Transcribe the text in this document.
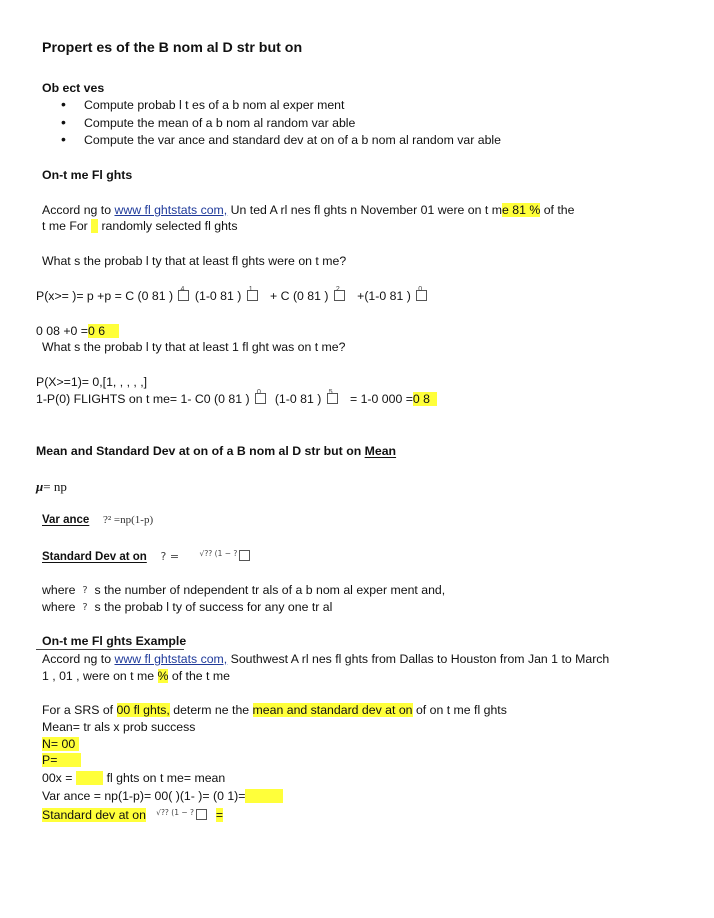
Propert es of the B nom al D str but on
Ob ect ves
• Compute probab l t es of a b nom al exper ment
• Compute the mean of a b nom al random var able
• Compute the var ance and standard dev at on of a b nom al random var able
On-t me Fl ghts
Accord ng to www fl ghtstats com, Un ted A rl nes fl ghts n November 01 were on t me 81 % of the
t me For    randomly selected fl ghts
What s the probab l ty that at least fl ghts were on t me?
P(x>= )= p +p = C (0 81 ) 4 (1-0 81 ) 1 + C (0 81 ) 2 +(1-0 81 ) 0
0 08 +0 =0 6
What s the probab l ty that at least 1 fl ght was on t me?
P(X>=1)= 0,[1, , , , ,]
1-P(0) FLIGHTS on t me= 1- C0 (0 81 ) 0 (1-0 81 ) 5 = 1-0 000 =0 8
Mean and Standard Dev at on of a B nom al D str but on Mean
μ= np
Var ance ?² =np(1-p)
Standard Dev at on ? =	$^{√?? (1 - ?}$
where ? s the number of ndependent tr als of a b nom al exper ment and,
where ? s the probab l ty of success for any one tr al
On-t me Fl ghts Example
Accord ng to www fl ghtstats com, Southwest A rl nes fl ghts from Dallas to Houston from Jan 1 to March
1 , 01 , were on t me % of the t me
For a SRS of 00 fl ghts, determ ne the mean and standard dev at on of on t me fl ghts
Mean= tr als x prob success
N= 00
P=
00x =	fl ghts on t me= mean
Var ance = np(1-p)= 00( )(1- )= (0 1)=
Standard dev at on $^{√?? (1 - ?}$ =
